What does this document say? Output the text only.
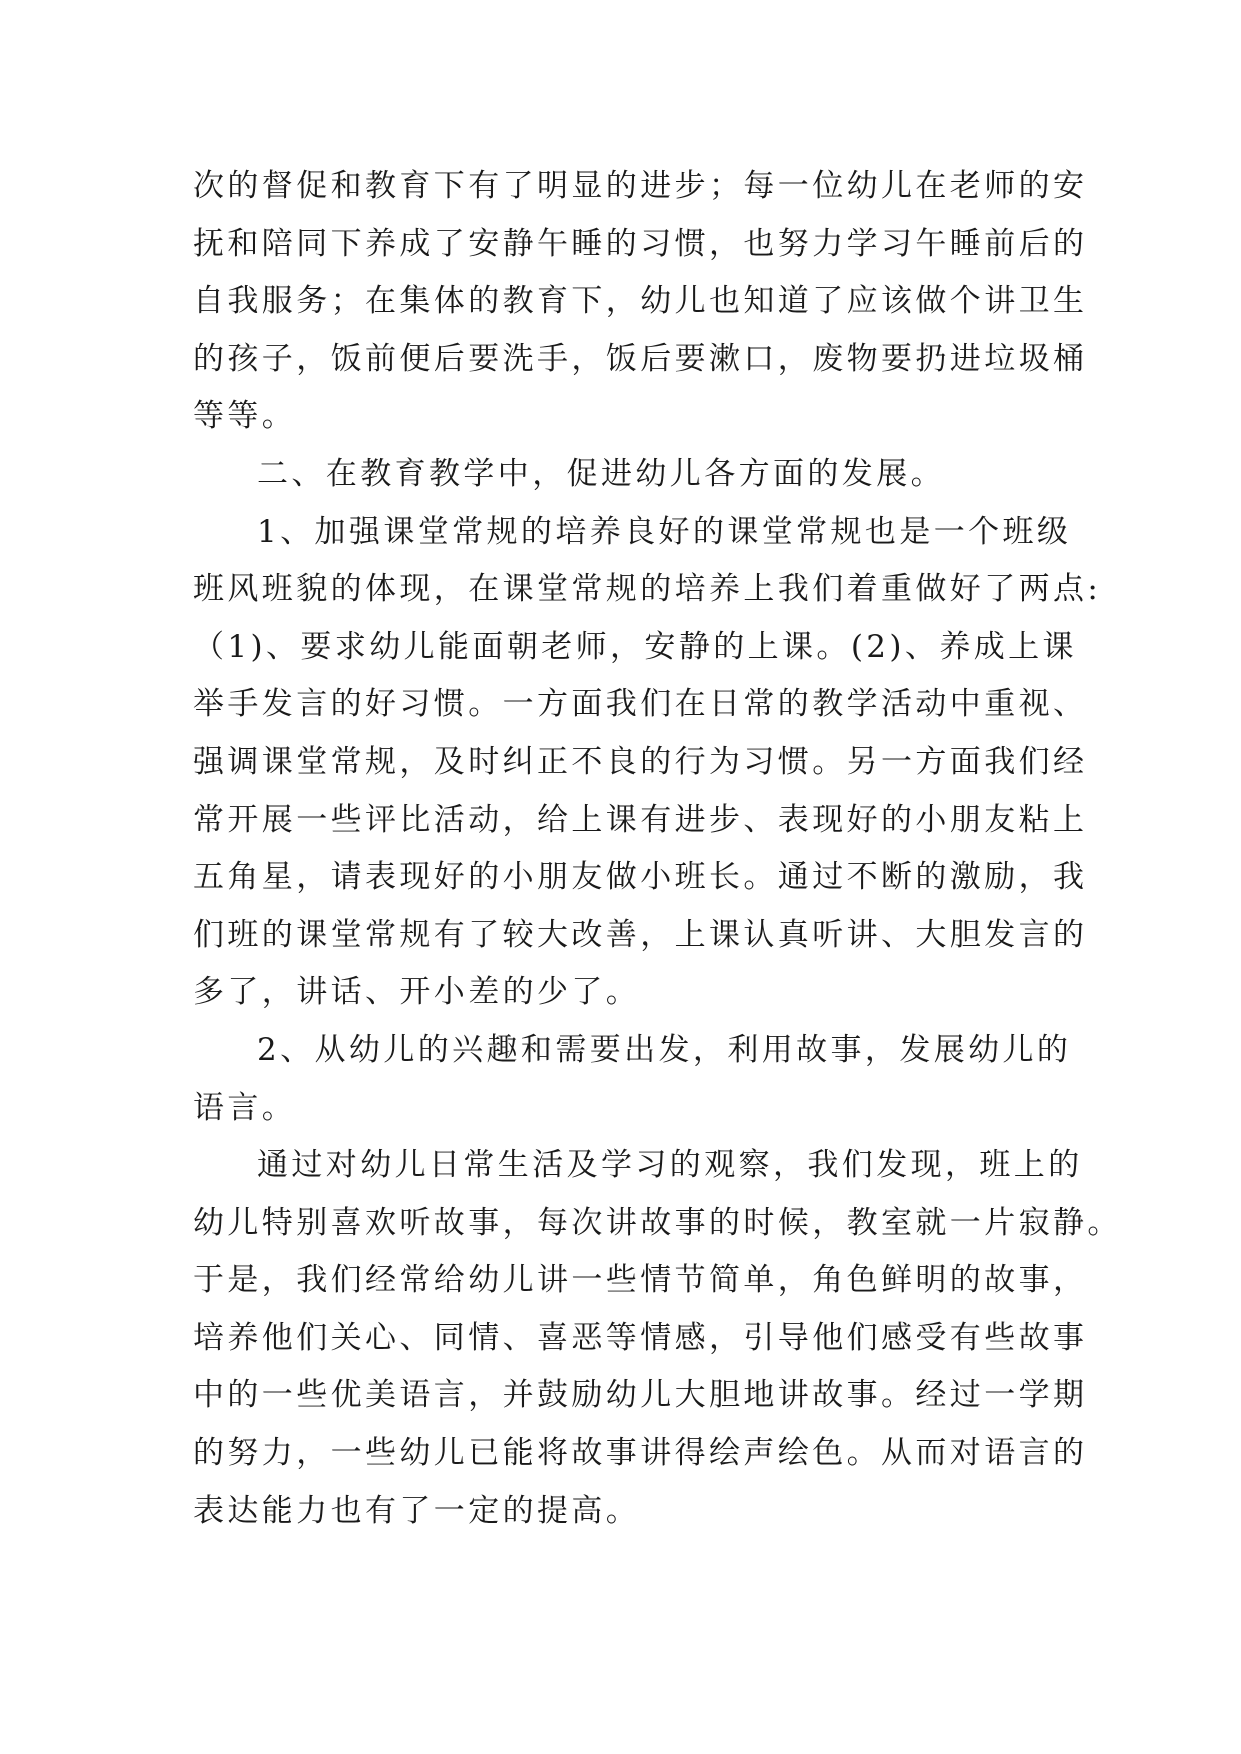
次的督促和教育下有了明显的进步；每一位幼儿在老师的安
抚和陪同下养成了安静午睡的习惯，也努力学习午睡前后的
自我服务；在集体的教育下，幼儿也知道了应该做个讲卫生
的孩子，饭前便后要洗手，饭后要漱口，废物要扔进垃圾桶
等等。
二、在教育教学中，促进幼儿各方面的发展。
1、加强课堂常规的培养良好的课堂常规也是一个班级
班风班貌的体现，在课堂常规的培养上我们着重做好了两点:
（1)、要求幼儿能面朝老师，安静的上课。(2)、养成上课
举手发言的好习惯。一方面我们在日常的教学活动中重视、
强调课堂常规，及时纠正不良的行为习惯。另一方面我们经
常开展一些评比活动，给上课有进步、表现好的小朋友粘上
五角星，请表现好的小朋友做小班长。通过不断的激励，我
们班的课堂常规有了较大改善，上课认真听讲、大胆发言的
多了，讲话、开小差的少了。
2、从幼儿的兴趣和需要出发，利用故事，发展幼儿的
语言。
通过对幼儿日常生活及学习的观察，我们发现，班上的
幼儿特别喜欢听故事，每次讲故事的时候，教室就一片寂静。
于是，我们经常给幼儿讲一些情节简单，角色鲜明的故事，
培养他们关心、同情、喜恶等情感，引导他们感受有些故事
中的一些优美语言，并鼓励幼儿大胆地讲故事。经过一学期
的努力，一些幼儿已能将故事讲得绘声绘色。从而对语言的
表达能力也有了一定的提高。
